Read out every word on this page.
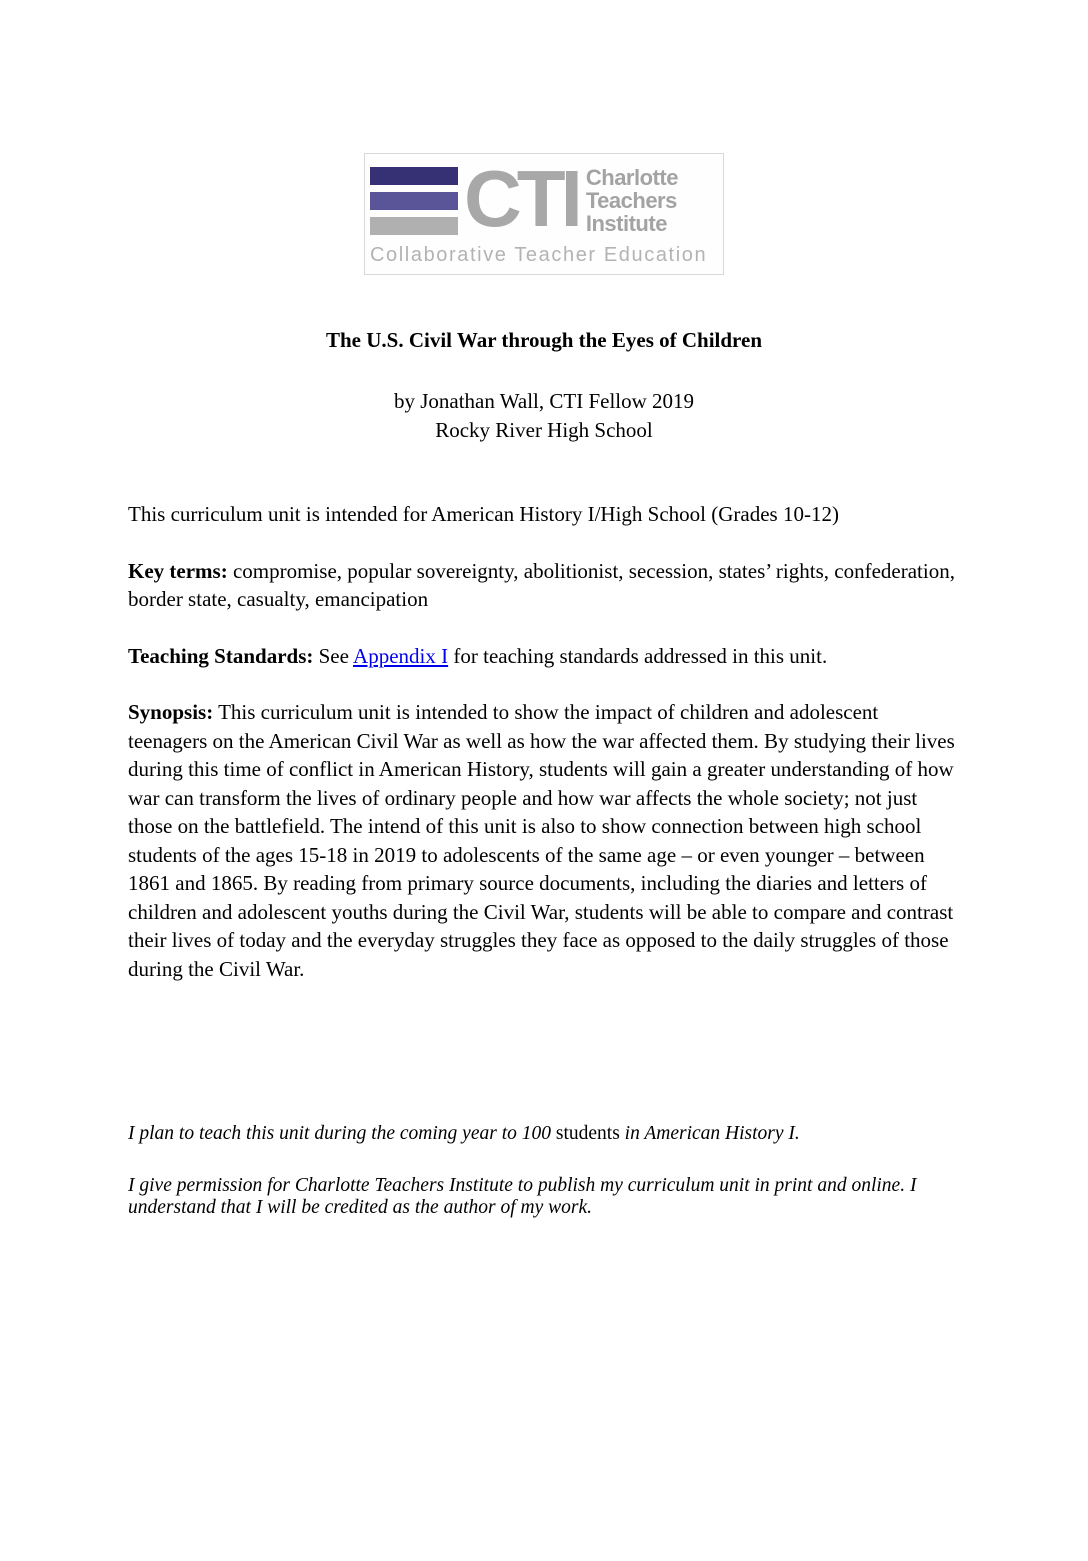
CTI Charlotte
Teachers
Institute
Collaborative Teacher Education
The U.S. Civil War through the Eyes of Children
by Jonathan Wall, CTI Fellow 2019
Rocky River High School

This curriculum unit is intended for American History I/High School (Grades 10-12)

Key terms: compromise, popular sovereignty, abolitionist, secession, states’ rights, confederation, border state, casualty, emancipation

Teaching Standards: See Appendix I for teaching standards addressed in this unit.

Synopsis: This curriculum unit is intended to show the impact of children and adolescent teenagers on the American Civil War as well as how the war affected them. By studying their lives during this time of conflict in American History, students will gain a greater understanding of how war can transform the lives of ordinary people and how war affects the whole society; not just those on the battlefield. The intend of this unit is also to show connection between high school students of the ages 15-18 in 2019 to adolescents of the same age – or even younger – between 1861 and 1865. By reading from primary source documents, including the diaries and letters of children and adolescent youths during the Civil War, students will be able to compare and contrast their lives of today and the everyday struggles they face as opposed to the daily struggles of those during the Civil War.

I plan to teach this unit during the coming year to 100 students in American History I.

I give permission for Charlotte Teachers Institute to publish my curriculum unit in print and online. I understand that I will be credited as the author of my work.
